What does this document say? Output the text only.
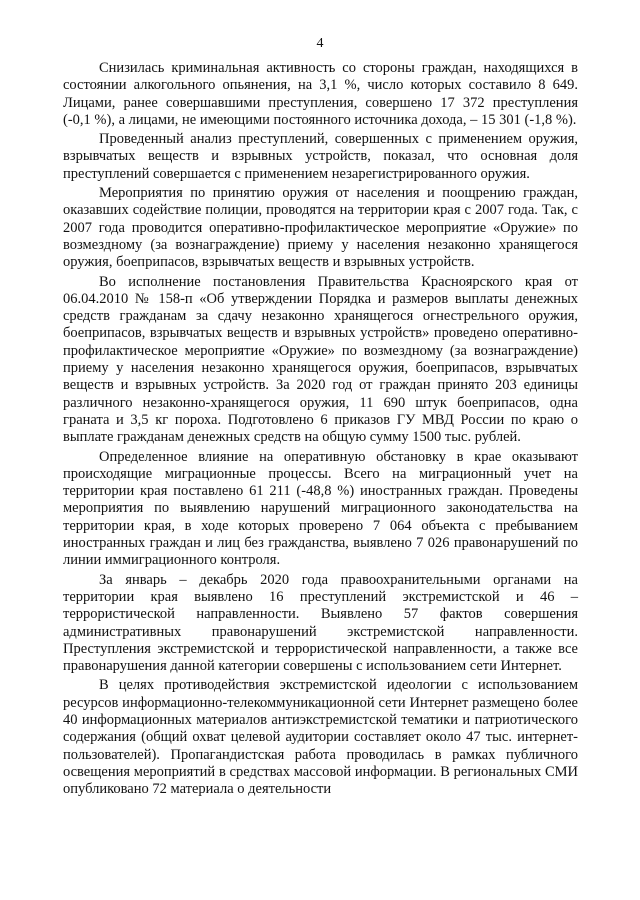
4

Снизилась криминальная активность со стороны граждан, находящихся в состоянии алкогольного опьянения, на 3,1 %, число которых составило 8 649. Лицами, ранее совершавшими преступления, совершено 17 372 преступления (-0,1 %), а лицами, не имеющими постоянного источника дохода, – 15 301 (-1,8 %).

Проведенный анализ преступлений, совершенных с применением оружия, взрывчатых веществ и взрывных устройств, показал, что основная доля преступлений совершается с применением незарегистрированного оружия.

Мероприятия по принятию оружия от населения и поощрению граждан, оказавших содействие полиции, проводятся на территории края с 2007 года. Так, с 2007 года проводится оперативно-профилактическое мероприятие «Оружие» по возмездному (за вознаграждение) приему у населения незаконно хранящегося оружия, боеприпасов, взрывчатых веществ и взрывных устройств.

Во исполнение постановления Правительства Красноярского края от 06.04.2010 № 158-п «Об утверждении Порядка и размеров выплаты денежных средств гражданам за сдачу незаконно хранящегося огнестрельного оружия, боеприпасов, взрывчатых веществ и взрывных устройств» проведено оперативно-профилактическое мероприятие «Оружие» по возмездному (за вознаграждение) приему у населения незаконно хранящегося оружия, боеприпасов, взрывчатых веществ и взрывных устройств. За 2020 год от граждан принято 203 единицы различного незаконно-хранящегося оружия, 11 690 штук боеприпасов, одна граната и 3,5 кг пороха. Подготовлено 6 приказов ГУ МВД России по краю о выплате гражданам денежных средств на общую сумму 1500 тыс. рублей.

Определенное влияние на оперативную обстановку в крае оказывают происходящие миграционные процессы. Всего на миграционный учет на территории края поставлено 61 211 (-48,8 %) иностранных граждан. Проведены мероприятия по выявлению нарушений миграционного законодательства на территории края, в ходе которых проверено 7 064 объекта с пребыванием иностранных граждан и лиц без гражданства, выявлено 7 026 правонарушений по линии иммиграционного контроля.

За январь – декабрь 2020 года правоохранительными органами на территории края выявлено 16 преступлений экстремистской и 46 – террористической направленности. Выявлено 57 фактов совершения административных правонарушений экстремистской направленности. Преступления экстремистской и террористической направленности, а также все правонарушения данной категории совершены с использованием сети Интернет.

В целях противодействия экстремистской идеологии с использованием ресурсов информационно-телекоммуникационной сети Интернет размещено более 40 информационных материалов антиэкстремистской тематики и патриотического содержания (общий охват целевой аудитории составляет около 47 тыс. интернет-пользователей). Пропагандистская работа проводилась в рамках публичного освещения мероприятий в средствах массовой информации. В региональных СМИ опубликовано 72 материала о деятельности
